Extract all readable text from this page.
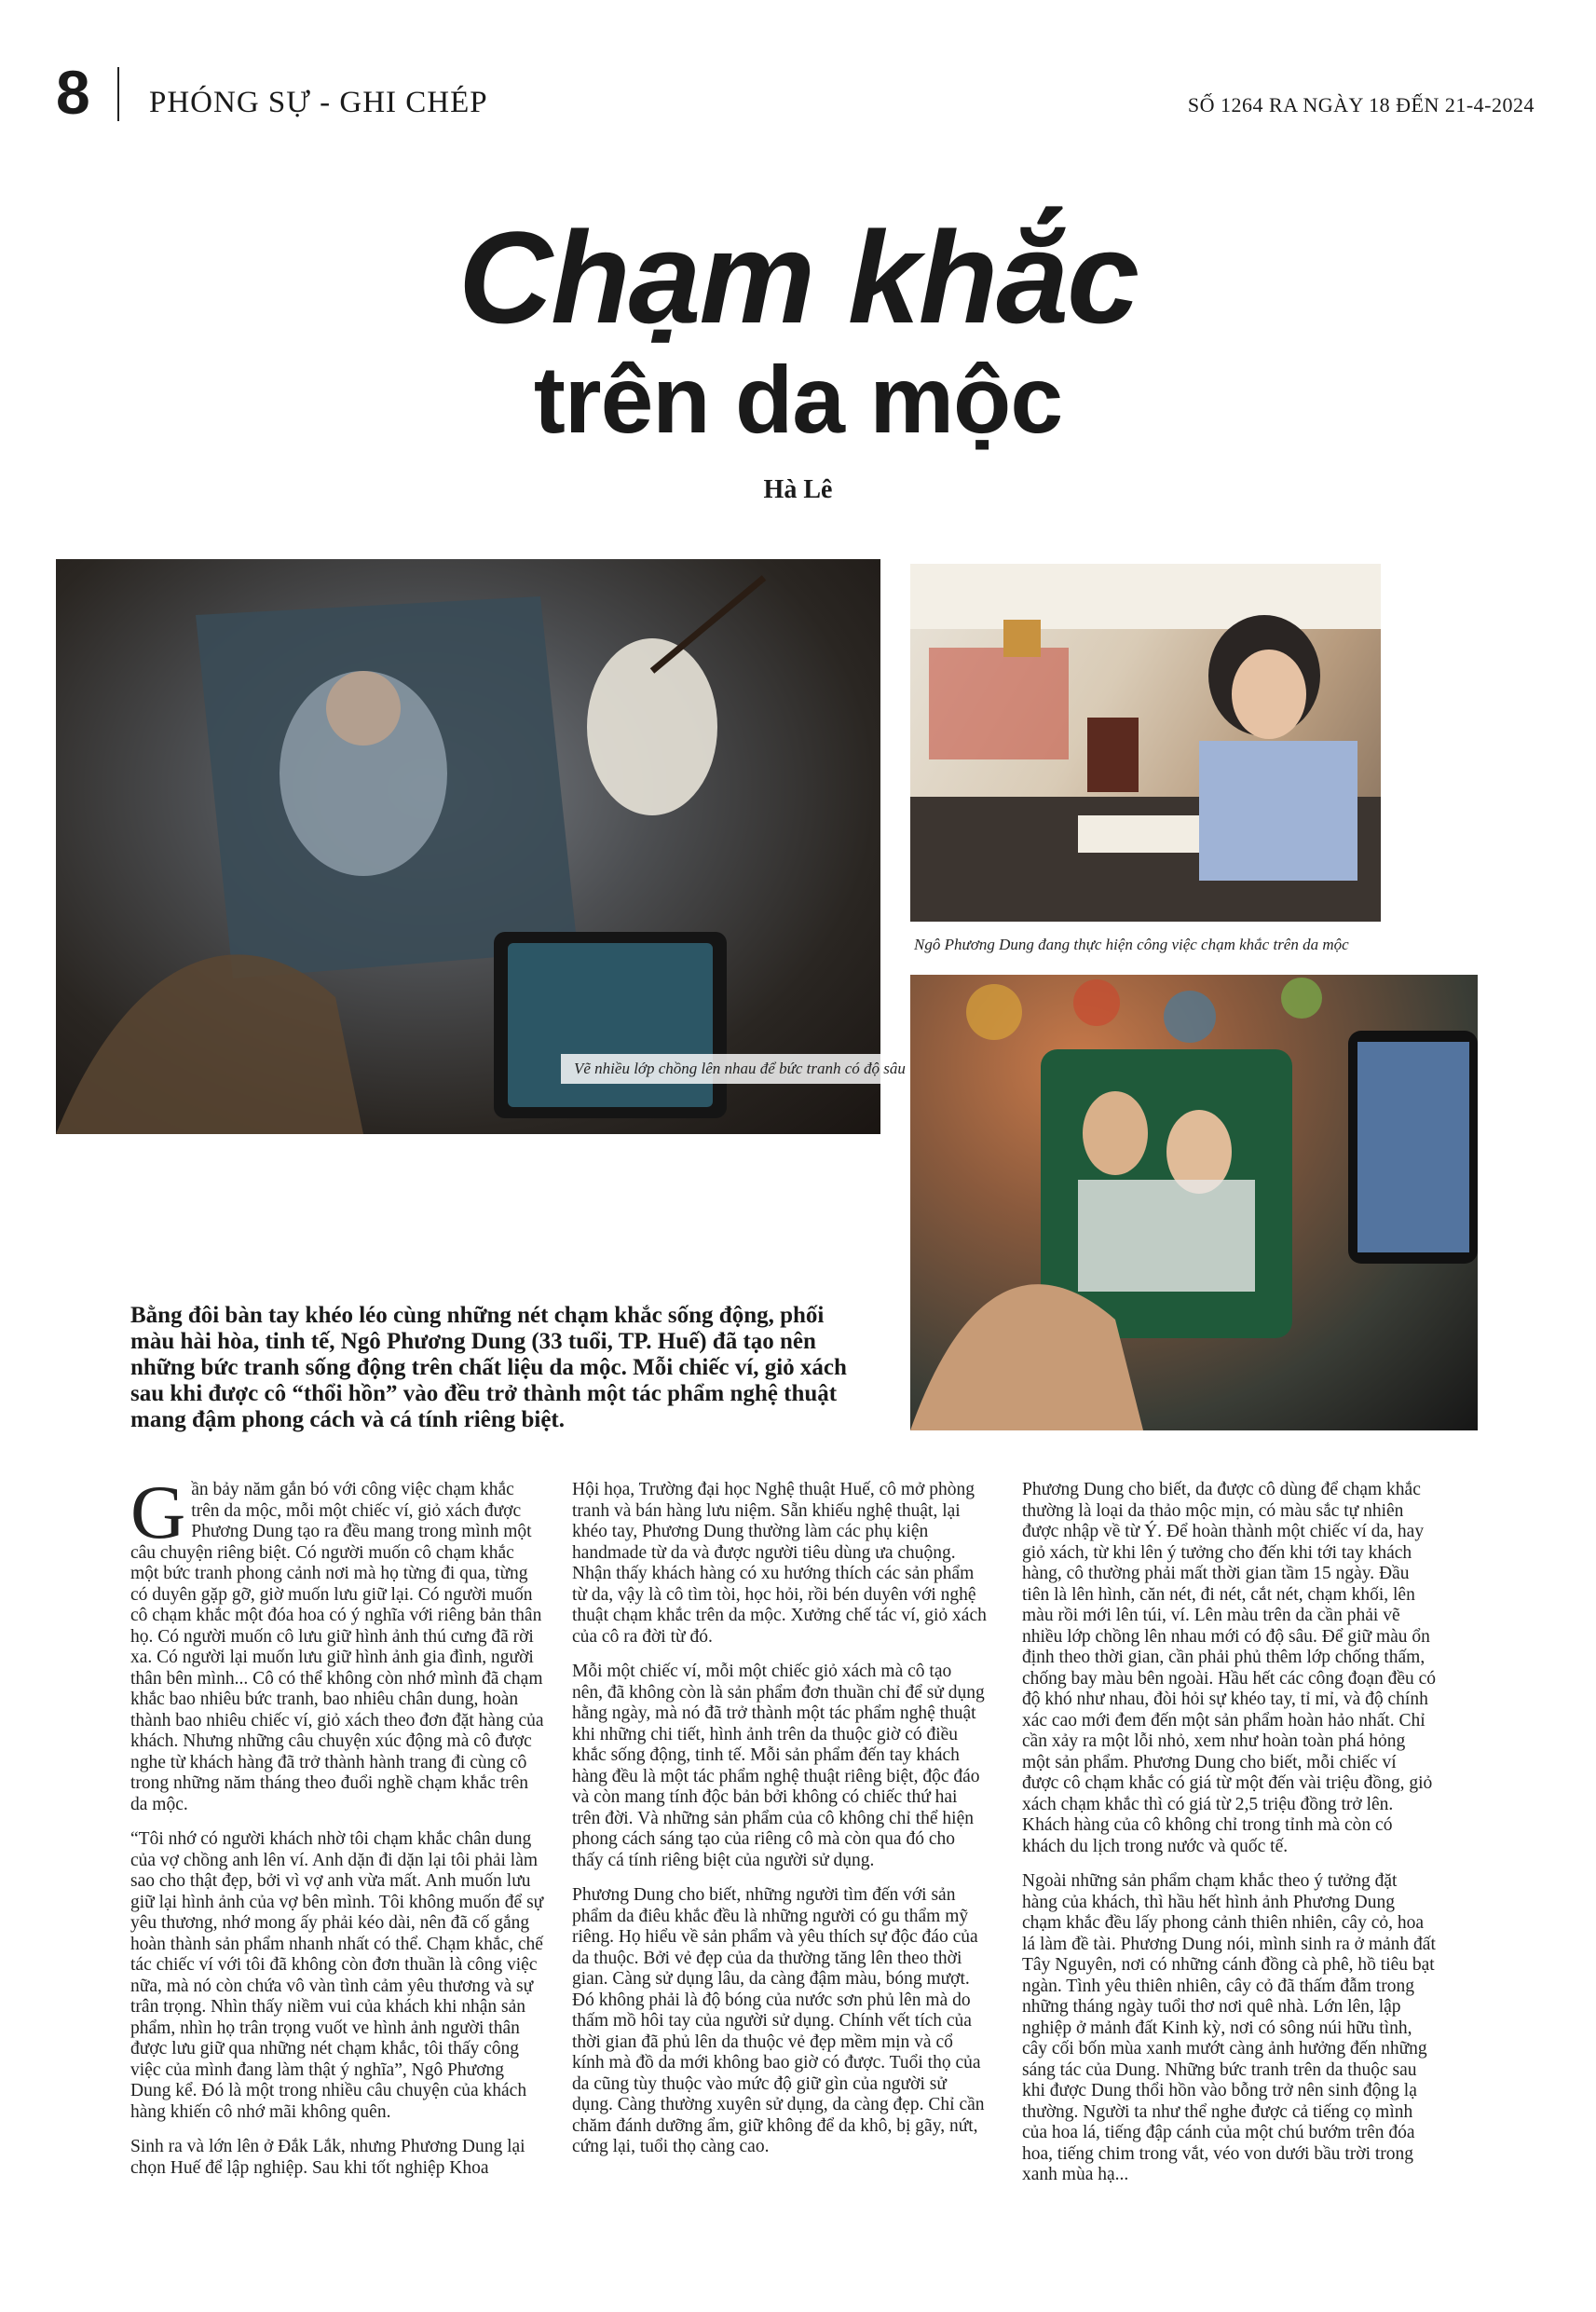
8 PHÓNG SỰ - GHI CHÉP	SỐ 1264 RA NGÀY 18 ĐẾN 21-4-2024
Chạm khắc
trên da mộc
Hà Lê
Vẽ nhiều lớp chồng lên nhau để bức tranh có độ sâu
Ngô Phương Dung đang thực hiện công việc chạm khắc trên da mộc
Bằng đôi bàn tay khéo léo cùng những nét chạm khắc sống động, phối màu hài hòa, tinh tế, Ngô Phương Dung (33 tuổi, TP. Huế) đã tạo nên những bức tranh sống động trên chất liệu da mộc. Mỗi chiếc ví, giỏ xách sau khi được cô “thổi hồn” vào đều trở thành một tác phẩm nghệ thuật mang đậm phong cách và cá tính riêng biệt.

Gần bảy năm gắn bó với công việc chạm khắc trên da mộc, mỗi một chiếc ví, giỏ xách được Phương Dung tạo ra đều mang trong mình một câu chuyện riêng biệt. Có người muốn cô chạm khắc một bức tranh phong cảnh nơi mà họ từng đi qua, từng có duyên gặp gỡ, giờ muốn lưu giữ lại. Có người muốn cô chạm khắc một đóa hoa có ý nghĩa với riêng bản thân họ. Có người muốn cô lưu giữ hình ảnh thú cưng đã rời xa. Có người lại muốn lưu giữ hình ảnh gia đình, người thân bên mình... Cô có thể không còn nhớ mình đã chạm khắc bao nhiêu bức tranh, bao nhiêu chân dung, hoàn thành bao nhiêu chiếc ví, giỏ xách theo đơn đặt hàng của khách. Nhưng những câu chuyện xúc động mà cô được nghe từ khách hàng đã trở thành hành trang đi cùng cô trong những năm tháng theo đuổi nghề chạm khắc trên da mộc.

“Tôi nhớ có người khách nhờ tôi chạm khắc chân dung của vợ chồng anh lên ví. Anh dặn đi dặn lại tôi phải làm sao cho thật đẹp, bởi vì vợ anh vừa mất. Anh muốn lưu giữ lại hình ảnh của vợ bên mình. Tôi không muốn để sự yêu thương, nhớ mong ấy phải kéo dài, nên đã cố gắng hoàn thành sản phẩm nhanh nhất có thể. Chạm khắc, chế tác chiếc ví với tôi đã không còn đơn thuần là công việc nữa, mà nó còn chứa vô vàn tình cảm yêu thương và sự trân trọng. Nhìn thấy niềm vui của khách khi nhận sản phẩm, nhìn họ trân trọng vuốt ve hình ảnh người thân được lưu giữ qua những nét chạm khắc, tôi thấy công việc của mình đang làm thật ý nghĩa”, Ngô Phương Dung kể. Đó là một trong nhiều câu chuyện của khách hàng khiến cô nhớ mãi không quên.

Sinh ra và lớn lên ở Đắk Lắk, nhưng Phương Dung lại chọn Huế để lập nghiệp. Sau khi tốt nghiệp Khoa

Hội họa, Trường đại học Nghệ thuật Huế, cô mở phòng tranh và bán hàng lưu niệm. Sẵn khiếu nghệ thuật, lại khéo tay, Phương Dung thường làm các phụ kiện handmade từ da và được người tiêu dùng ưa chuộng. Nhận thấy khách hàng có xu hướng thích các sản phẩm từ da, vậy là cô tìm tòi, học hỏi, rồi bén duyên với nghệ thuật chạm khắc trên da mộc. Xưởng chế tác ví, giỏ xách của cô ra đời từ đó.

Mỗi một chiếc ví, mỗi một chiếc giỏ xách mà cô tạo nên, đã không còn là sản phẩm đơn thuần chỉ để sử dụng hằng ngày, mà nó đã trở thành một tác phẩm nghệ thuật khi những chi tiết, hình ảnh trên da thuộc giờ có điều khắc sống động, tinh tế. Mỗi sản phẩm đến tay khách hàng đều là một tác phẩm nghệ thuật riêng biệt, độc đáo và còn mang tính độc bản bởi không có chiếc thứ hai trên đời. Và những sản phẩm của cô không chỉ thể hiện phong cách sáng tạo của riêng cô mà còn qua đó cho thấy cá tính riêng biệt của người sử dụng.

Phương Dung cho biết, những người tìm đến với sản phẩm da điêu khắc đều là những người có gu thẩm mỹ riêng. Họ hiểu về sản phẩm và yêu thích sự độc đáo của da thuộc. Bởi vẻ đẹp của da thường tăng lên theo thời gian. Càng sử dụng lâu, da càng đậm màu, bóng mượt. Đó không phải là độ bóng của nước sơn phủ lên mà do thấm mồ hôi tay của người sử dụng. Chính vết tích của thời gian đã phủ lên da thuộc vẻ đẹp mềm mịn và cổ kính mà đồ da mới không bao giờ có được. Tuổi thọ của da cũng tùy thuộc vào mức độ giữ gìn của người sử dụng. Càng thường xuyên sử dụng, da càng đẹp. Chỉ cần chăm đánh dưỡng ẩm, giữ không để da khô, bị gãy, nứt, cứng lại, tuổi thọ càng cao.

Phương Dung cho biết, da được cô dùng để chạm khắc thường là loại da thảo mộc mịn, có màu sắc tự nhiên được nhập về từ Ý. Để hoàn thành một chiếc ví da, hay giỏ xách, từ khi lên ý tưởng cho đến khi tới tay khách hàng, cô thường phải mất thời gian tầm 15 ngày. Đầu tiên là lên hình, căn nét, đi nét, cắt nét, chạm khối, lên màu rồi mới lên túi, ví. Lên màu trên da cần phải vẽ nhiều lớp chồng lên nhau mới có độ sâu. Để giữ màu ổn định theo thời gian, cần phải phủ thêm lớp chống thấm, chống bay màu bên ngoài. Hầu hết các công đoạn đều có độ khó như nhau, đòi hỏi sự khéo tay, tỉ mỉ, và độ chính xác cao mới đem đến một sản phẩm hoàn hảo nhất. Chỉ cần xảy ra một lỗi nhỏ, xem như hoàn toàn phá hỏng một sản phẩm. Phương Dung cho biết, mỗi chiếc ví được cô chạm khắc có giá từ một đến vài triệu đồng, giỏ xách chạm khắc thì có giá từ 2,5 triệu đồng trở lên. Khách hàng của cô không chỉ trong tỉnh mà còn có khách du lịch trong nước và quốc tế.

Ngoài những sản phẩm chạm khắc theo ý tưởng đặt hàng của khách, thì hầu hết hình ảnh Phương Dung chạm khắc đều lấy phong cảnh thiên nhiên, cây cỏ, hoa lá làm đề tài. Phương Dung nói, mình sinh ra ở mảnh đất Tây Nguyên, nơi có những cánh đồng cà phê, hồ tiêu bạt ngàn. Tình yêu thiên nhiên, cây cỏ đã thấm đẫm trong những tháng ngày tuổi thơ nơi quê nhà. Lớn lên, lập nghiệp ở mảnh đất Kinh kỳ, nơi có sông núi hữu tình, cây cối bốn mùa xanh mướt càng ảnh hưởng đến những sáng tác của Dung. Những bức tranh trên da thuộc sau khi được Dung thổi hồn vào bỗng trở nên sinh động lạ thường. Người ta như thể nghe được cả tiếng cọ mình của hoa lá, tiếng đập cánh của một chú bướm trên đóa hoa, tiếng chim trong vắt, véo von dưới bầu trời trong xanh mùa hạ...
